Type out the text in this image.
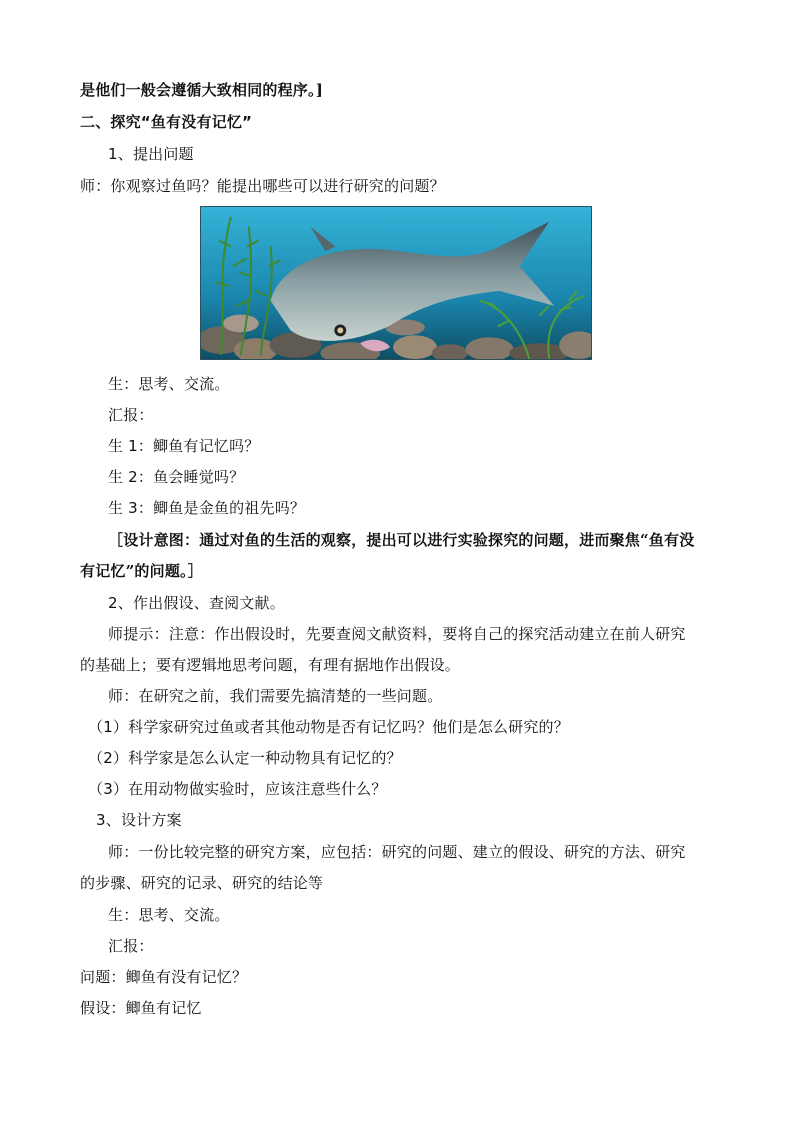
是他们一般会遵循大致相同的程序。]
二、探究“鱼有没有记忆”
1、提出问题
师：你观察过鱼吗？能提出哪些可以进行研究的问题？
生：思考、交流。
汇报：
生 1：鲫鱼有记忆吗？
生 2：鱼会睡觉吗？
生 3：鲫鱼是金鱼的祖先吗？
［设计意图：通过对鱼的生活的观察，提出可以进行实验探究的问题，进而聚焦“鱼有没
有记忆”的问题。］
2、作出假设、查阅文献。
师提示：注意：作出假设时，先要查阅文献资料，要将自己的探究活动建立在前人研究
的基础上；要有逻辑地思考问题，有理有据地作出假设。
师：在研究之前，我们需要先搞清楚的一些问题。
（1）科学家研究过鱼或者其他动物是否有记忆吗？他们是怎么研究的？
（2）科学家是怎么认定一种动物具有记忆的？
（3）在用动物做实验时，应该注意些什么？
3、设计方案
师：一份比较完整的研究方案，应包括：研究的问题、建立的假设、研究的方法、研究
的步骤、研究的记录、研究的结论等
生：思考、交流。
汇报：
问题：鲫鱼有没有记忆？
假设：鲫鱼有记忆
